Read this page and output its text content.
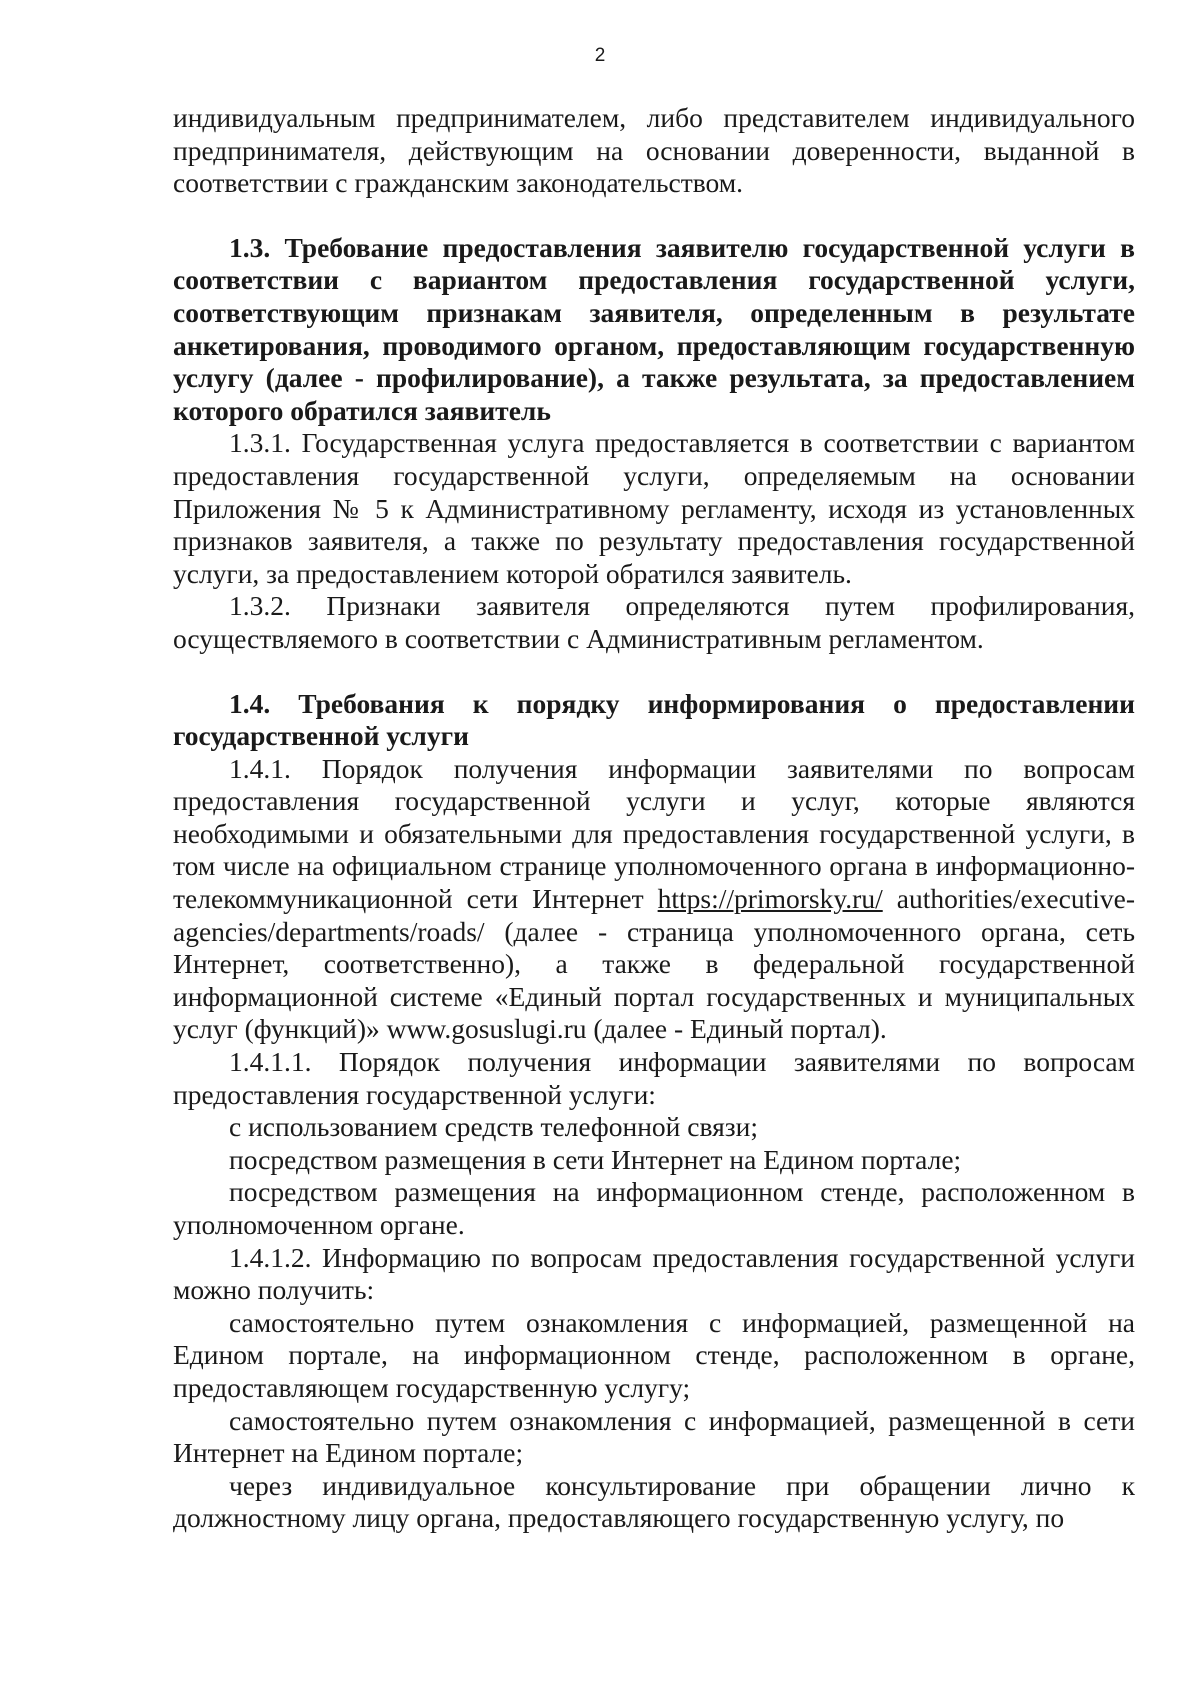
2

индивидуальным предпринимателем, либо представителем индивидуального предпринимателя, действующим на основании доверенности, выданной в соответствии с гражданским законодательством.

1.3. Требование предоставления заявителю государственной услуги в соответствии с вариантом предоставления государственной услуги, соответствующим признакам заявителя, определенным в результате анкетирования, проводимого органом, предоставляющим государственную услугу (далее - профилирование), а также результата, за предоставлением которого обратился заявитель

1.3.1. Государственная услуга предоставляется в соответствии с вариантом предоставления государственной услуги, определяемым на основании Приложения № 5 к Административному регламенту, исходя из установленных признаков заявителя, а также по результату предоставления государственной услуги, за предоставлением которой обратился заявитель.

1.3.2. Признаки заявителя определяются путем профилирования, осуществляемого в соответствии с Административным регламентом.

1.4. Требования к порядку информирования о предоставлении государственной услуги

1.4.1. Порядок получения информации заявителями по вопросам предоставления государственной услуги и услуг, которые являются необходимыми и обязательными для предоставления государственной услуги, в том числе на официальном странице уполномоченного органа в информационно-телекоммуникационной сети Интернет https://primorsky.ru/ authorities/executive-agencies/departments/roads/ (далее - страница уполномоченного органа, сеть Интернет, соответственно), а также в федеральной государственной информационной системе «Единый портал государственных и муниципальных услуг (функций)» www.gosuslugi.ru (далее - Единый портал).

1.4.1.1. Порядок получения информации заявителями по вопросам предоставления государственной услуги:

с использованием средств телефонной связи;

посредством размещения в сети Интернет на Едином портале;

посредством размещения на информационном стенде, расположенном в уполномоченном органе.

1.4.1.2. Информацию по вопросам предоставления государственной услуги можно получить:

самостоятельно путем ознакомления с информацией, размещенной на Едином портале, на информационном стенде, расположенном в органе, предоставляющем государственную услугу;

самостоятельно путем ознакомления с информацией, размещенной в сети Интернет на Едином портале;

через индивидуальное консультирование при обращении лично к должностному лицу органа, предоставляющего государственную услугу, по
